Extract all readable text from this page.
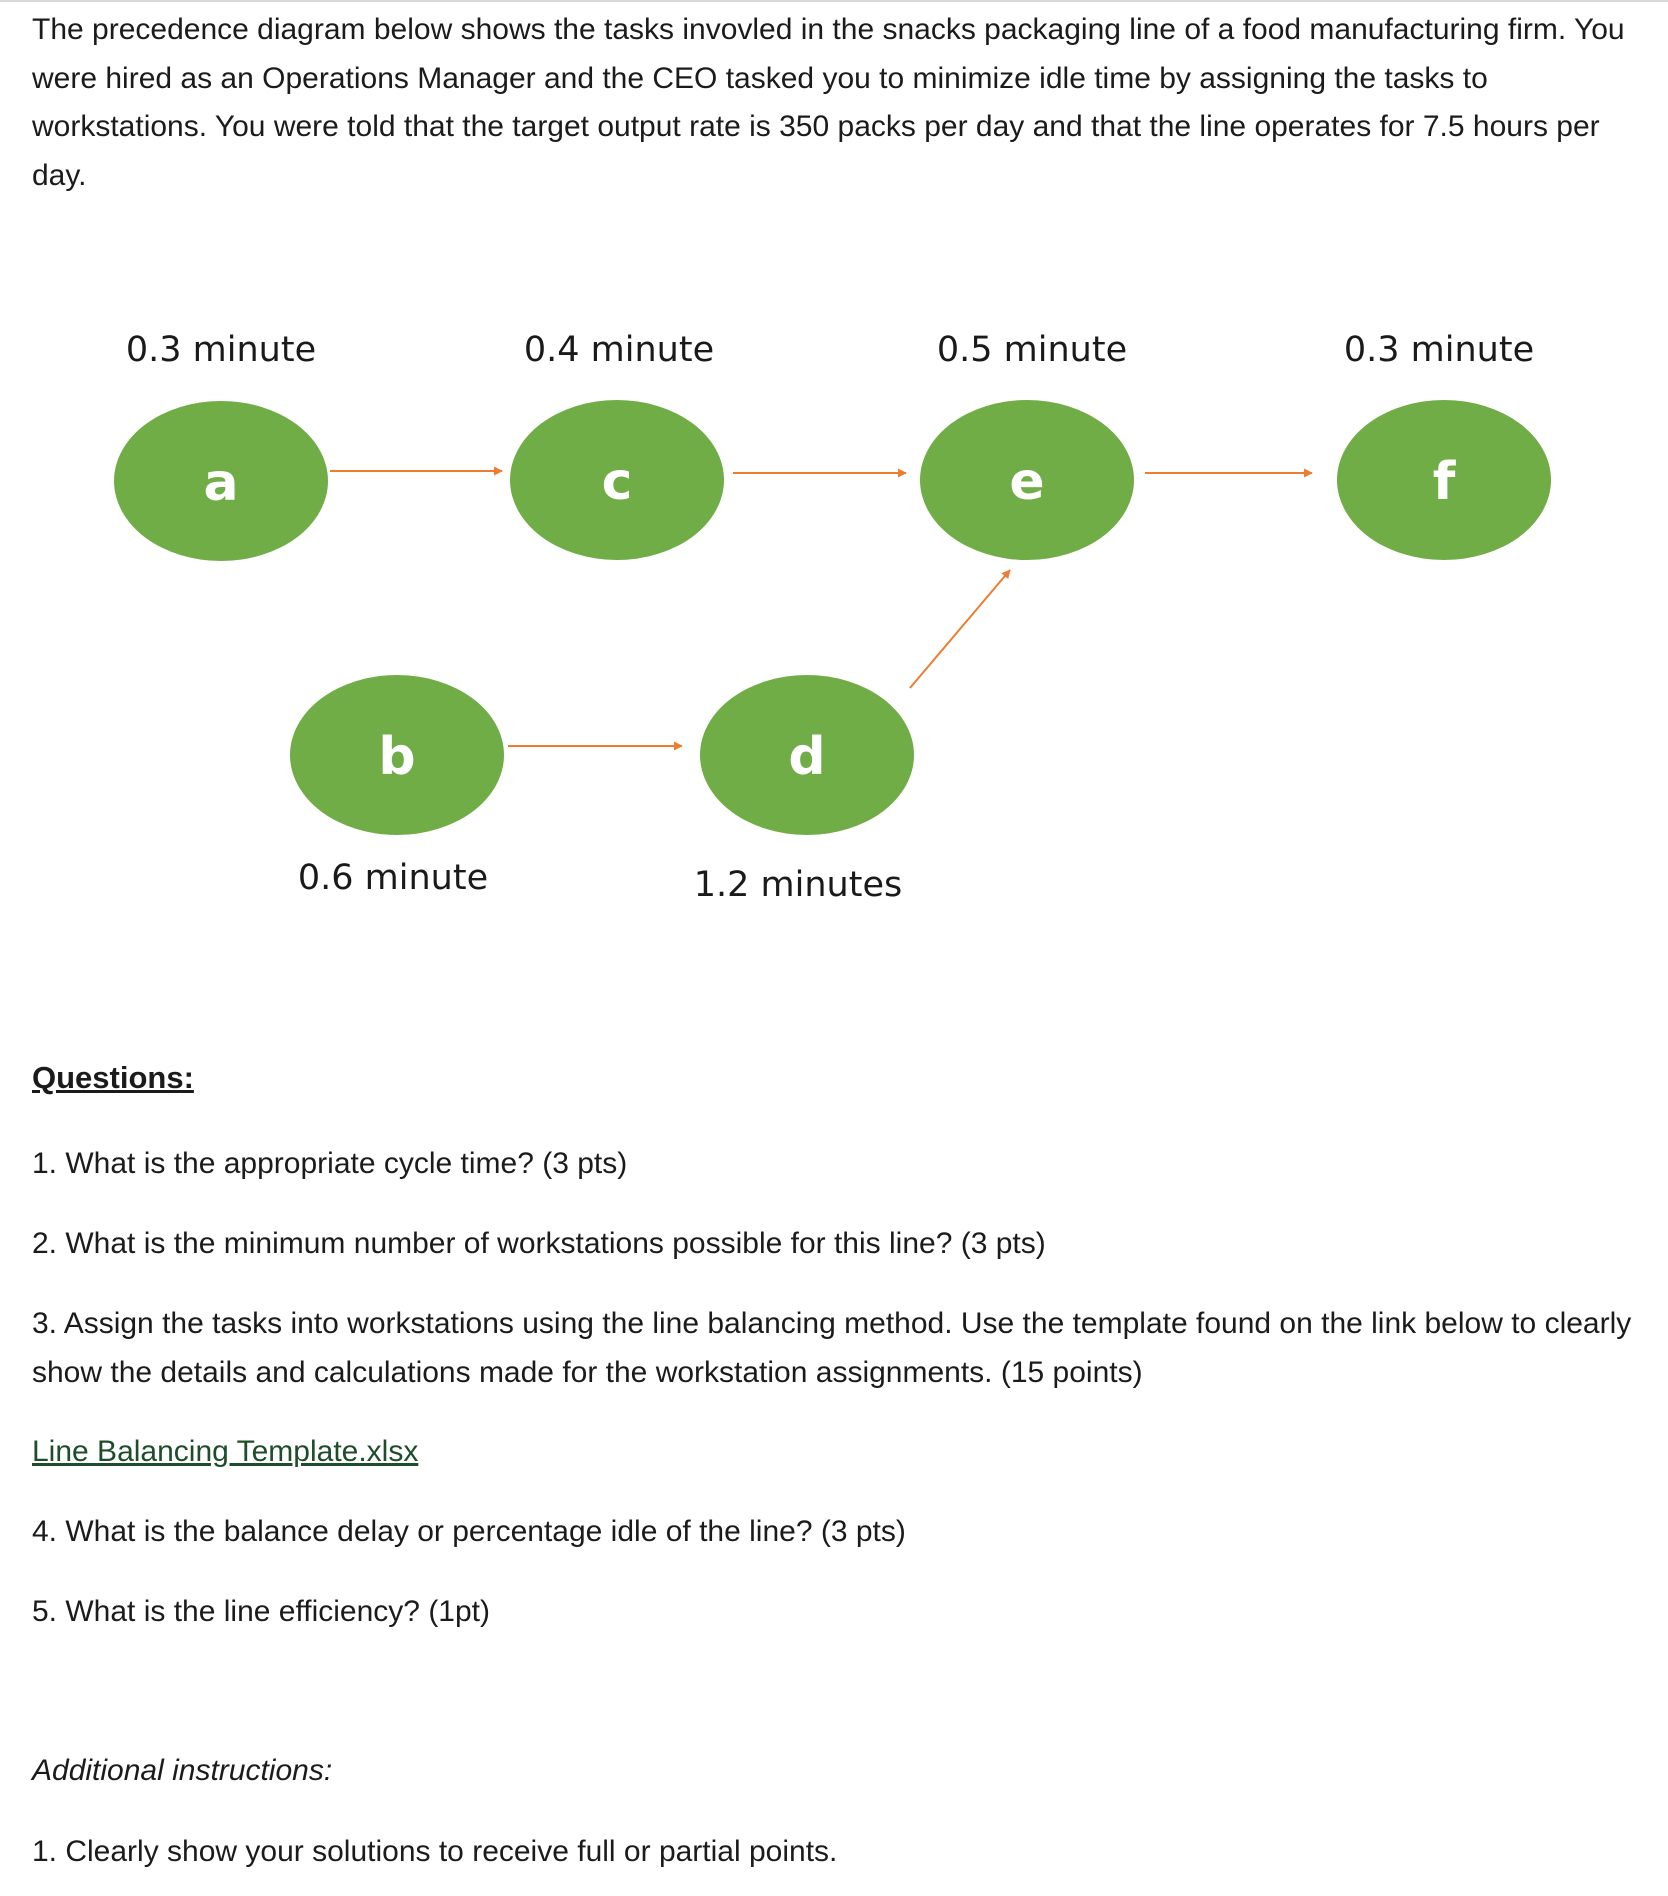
The precedence diagram below shows the tasks invovled in the snacks packaging line of a food manufacturing firm. You were hired as an Operations Manager and the CEO tasked you to minimize idle time by assigning the tasks to workstations. You were told that the target output rate is 350 packs per day and that the line operates for 7.5 hours per day.

a	c	e	f
b	d
0.3 minute	0.4 minute	0.5 minute	0.3 minute
0.6 minute	1.2 minutes
Questions:

1. What is the appropriate cycle time? (3 pts)

2. What is the minimum number of workstations possible for this line? (3 pts)

3. Assign the tasks into workstations using the line balancing method. Use the template found on the link below to clearly show the details and calculations made for the workstation assignments. (15 points)

Line Balancing Template.xlsx

4. What is the balance delay or percentage idle of the line? (3 pts)

5. What is the line efficiency? (1pt)

Additional instructions:

1. Clearly show your solutions to receive full or partial points.
